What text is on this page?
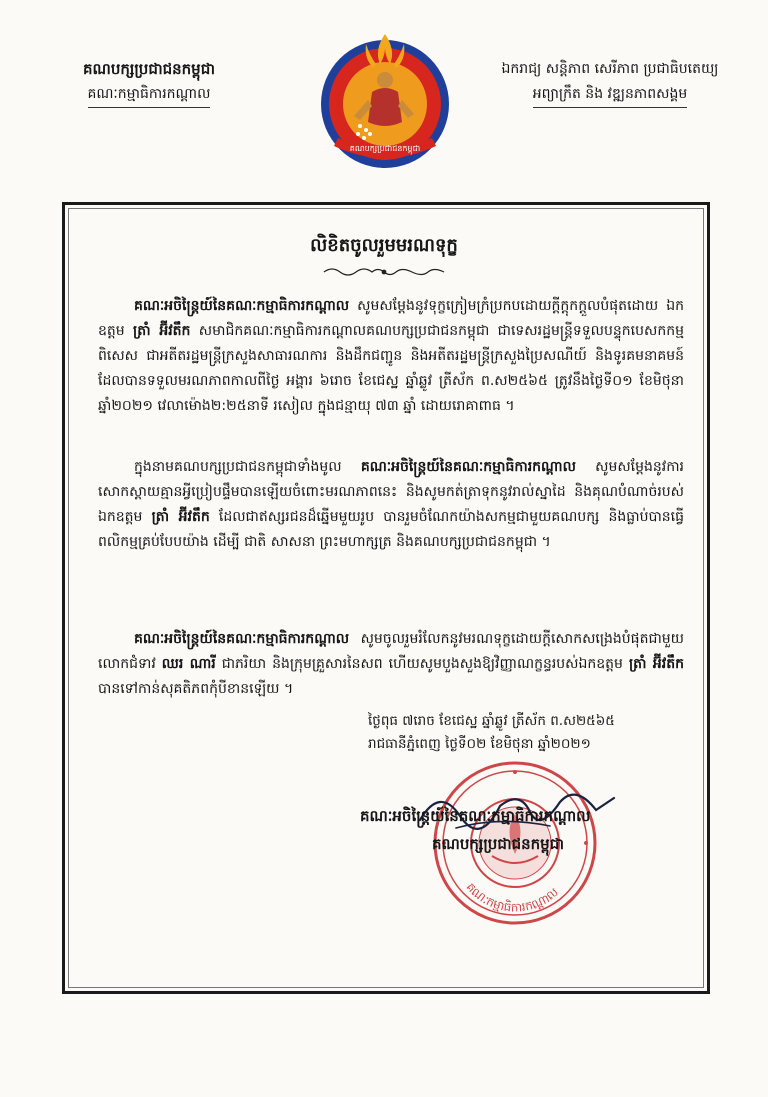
គណបក្សប្រជាជនកម្ពុជា
គណៈកម្មាធិការកណ្តាល
គណបក្សប្រជាជនកម្ពុជា
ឯករាជ្យ សន្តិភាព សេរីភាព ប្រជាធិបតេយ្យ
អព្យាក្រឹត និង វឌ្ឍនភាពសង្គម
លិខិតចូលរួមមរណទុក្ខ

គណៈអចិន្ត្រៃយ៍នៃគណៈកម្មាធិការកណ្តាល សូមសម្តែងនូវទុក្ខក្រៀមក្រំប្រកបដោយក្តីក្តុកក្តួលបំផុតដោយ ឯកឧត្តម ត្រាំ អ៊ីវតឹក សមាជិកគណៈកម្មាធិការកណ្តាលគណបក្សប្រជាជនកម្ពុជា ជាទេសរដ្ឋមន្ត្រីទទួលបន្ទុកបេសកកម្មពិសេស ជាអតីតរដ្ឋមន្ត្រីក្រសួងសាធារណការ និងដឹកជញ្ជូន និងអតីតរដ្ឋមន្ត្រីក្រសួងប្រៃសណីយ៍ និងទូរគមនាគមន៍ ដែលបានទទួលមរណភាពកាលពីថ្ងៃ អង្គារ ៦រោច ខែជេស្ឋ ឆ្នាំឆ្លូវ ត្រីស័ក ព.ស២៥៦៥ ត្រូវនឹងថ្ងៃទី០១ ខែមិថុនា ឆ្នាំ២០២១ វេលាម៉ោង២:២៥នាទី រសៀល ក្នុងជន្មាយុ ៧៣ ឆ្នាំ ដោយរោគាពាធ ។

ក្នុងនាមគណបក្សប្រជាជនកម្ពុជាទាំងមូល គណៈអចិន្ត្រៃយ៍នៃគណៈកម្មាធិការកណ្តាល សូមសម្តែងនូវការសោកស្តាយគ្មានអ្វីប្រៀបផ្ទឹមបានឡើយចំពោះមរណភាពនេះ និងសូមកត់ត្រាទុកនូវរាល់ស្នាដៃ និងគុណបំណាច់របស់ ឯកឧត្តម ត្រាំ អ៊ីវតឹក ដែលជាឥស្សរជនដ៏ឆ្នើមមួយរូប បានរួមចំណែកយ៉ាងសកម្មជាមួយគណបក្ស និងធ្លាប់បានធ្វើពលិកម្មគ្រប់បែបយ៉ាង ដើម្បី ជាតិ សាសនា ព្រះមហាក្សត្រ និងគណបក្សប្រជាជនកម្ពុជា ។

គណៈអចិន្ត្រៃយ៍នៃគណៈកម្មាធិការកណ្តាល សូមចូលរួមរំលែកនូវមរណទុក្ខដោយក្តីសោកសង្រេងបំផុតជាមួយលោកជំទាវ ឈរ ណារី ជាភរិយា និងក្រុមគ្រួសារនៃសព ហើយសូមបួងសួងឱ្យវិញ្ញាណក្ខន្ធរបស់ឯកឧត្តម ត្រាំ អ៊ីវតឹក បានទៅកាន់សុគតិភពកុំបីខានឡើយ ។

ថ្ងៃពុធ ៧រោច ខែជេស្ឋ ឆ្នាំឆ្លូវ ត្រីស័ក ព.ស២៥៦៥
រាជធានីភ្នំពេញ ថ្ងៃទី០២ ខែមិថុនា ឆ្នាំ២០២១
គណៈកម្មាធិការកណ្តាល
គណៈអចិន្ត្រៃយ៍នៃគណៈកម្មាធិការកណ្តាល
គណបក្សប្រជាជនកម្ពុជា
